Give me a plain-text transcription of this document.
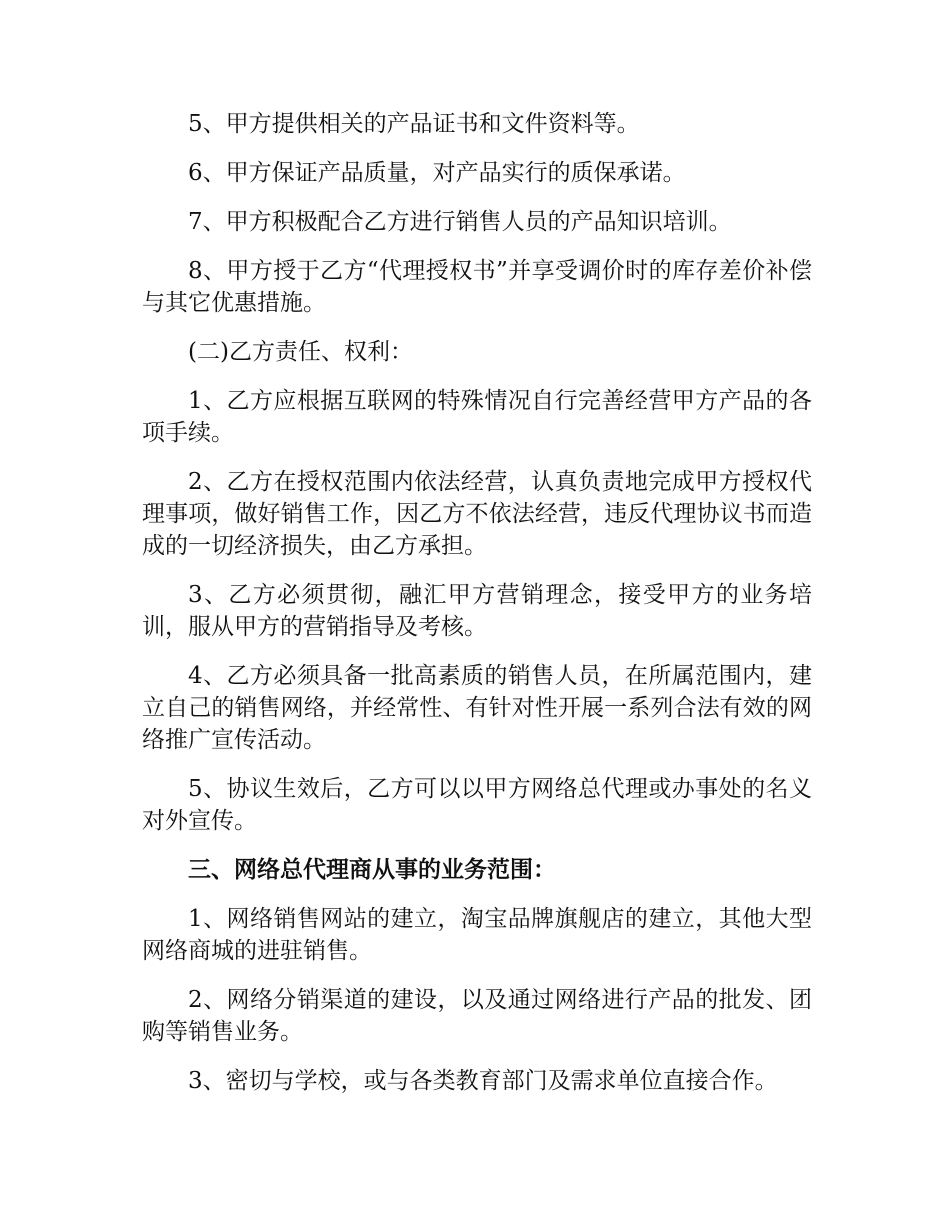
5、甲方提供相关的产品证书和文件资料等。

6、甲方保证产品质量，对产品实行的质保承诺。

7、甲方积极配合乙方进行销售人员的产品知识培训。

8、甲方授于乙方“代理授权书”并享受调价时的库存差价补偿与其它优惠措施。

(二)乙方责任、权利：

1、乙方应根据互联网的特殊情况自行完善经营甲方产品的各项手续。

2、乙方在授权范围内依法经营，认真负责地完成甲方授权代理事项，做好销售工作，因乙方不依法经营，违反代理协议书而造成的一切经济损失，由乙方承担。

3、乙方必须贯彻，融汇甲方营销理念，接受甲方的业务培训，服从甲方的营销指导及考核。

4、乙方必须具备一批高素质的销售人员，在所属范围内，建立自己的销售网络，并经常性、有针对性开展一系列合法有效的网络推广宣传活动。

5、协议生效后，乙方可以以甲方网络总代理或办事处的名义对外宣传。

三、网络总代理商从事的业务范围：

1、网络销售网站的建立，淘宝品牌旗舰店的建立，其他大型网络商城的进驻销售。

2、网络分销渠道的建设，以及通过网络进行产品的批发、团购等销售业务。

3、密切与学校，或与各类教育部门及需求单位直接合作。
